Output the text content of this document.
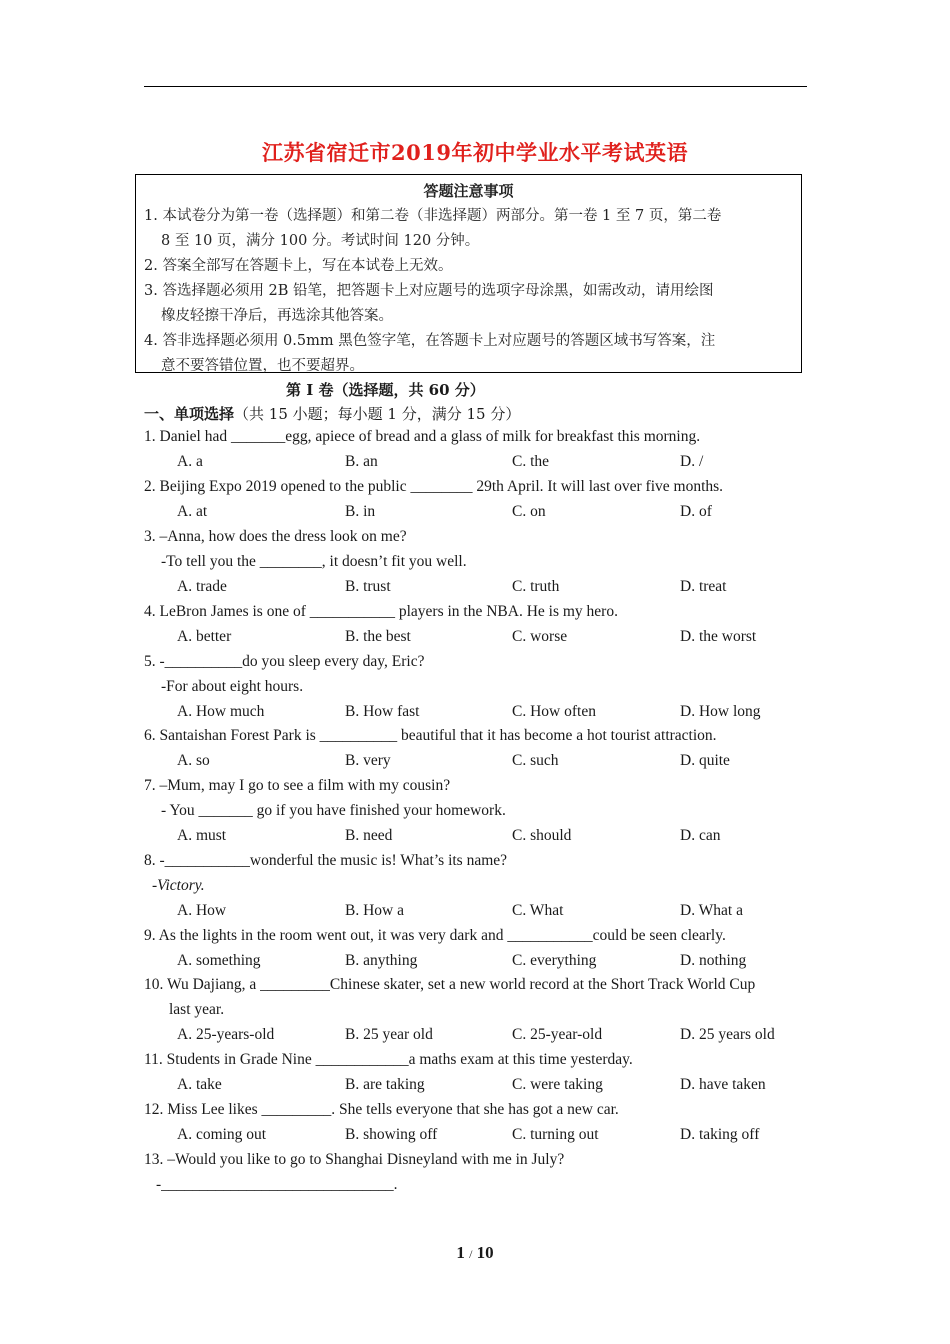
江苏省宿迁市2019年初中学业水平考试英语
答题注意事项
1. 本试卷分为第一卷（选择题）和第二卷（非选择题）两部分。第一卷 1 至 7 页，第二卷
8 至 10 页，满分 100 分。考试时间 120 分钟。
2. 答案全部写在答题卡上，写在本试卷上无效。
3. 答选择题必须用 2B 铅笔，把答题卡上对应题号的选项字母涂黑，如需改动，请用绘图
橡皮轻擦干净后，再选涂其他答案。
4. 答非选择题必须用 0.5mm 黑色签字笔，在答题卡上对应题号的答题区域书写答案，注
意不要答错位置，也不要超界。
第 I 卷（选择题，共 60 分）
一、单项选择（共 15 小题；每小题 1 分，满分 15 分）
1. Daniel had _______egg, apiece of bread and a glass of milk for breakfast this morning.
A. a	B. an	C. the	D. /
2. Beijing Expo 2019 opened to the public ________ 29th April. It will last over five months.
A. at	B. in	C. on	D. of
3. –Anna, how does the dress look on me?
-To tell you the ________, it doesn’t fit you well.
A. trade	B. trust	C. truth	D. treat
4. LeBron James is one of ___________ players in the NBA. He is my hero.
A. better	B. the best	C. worse	D. the worst
5. -__________do you sleep every day, Eric?
-For about eight hours.
A. How much	B. How fast	C. How often	D. How long
6. Santaishan Forest Park is __________ beautiful that it has become a hot tourist attraction.
A. so	B. very	C. such	D. quite
7. –Mum, may I go to see a film with my cousin?
- You _______ go if you have finished your homework.
A. must	B. need	C. should	D. can
8. -___________wonderful the music is! What’s its name?
-Victory.
A. How	B. How a	C. What	D. What a
9. As the lights in the room went out, it was very dark and ___________could be seen clearly.
A. something	B. anything	C. everything	D. nothing
10. Wu Dajiang, a _________Chinese skater, set a new world record at the Short Track World Cup
last year.
A. 25-years-old	B. 25 year old	C. 25-year-old	D. 25 years old
11. Students in Grade Nine ____________a maths exam at this time yesterday.
A. take	B. are taking	C. were taking	D. have taken
12. Miss Lee likes _________. She tells everyone that she has got a new car.
A. coming out	B. showing off	C. turning out	D. taking off
13. –Would you like to go to Shanghai Disneyland with me in July?
-______________________________.
1 / 10
